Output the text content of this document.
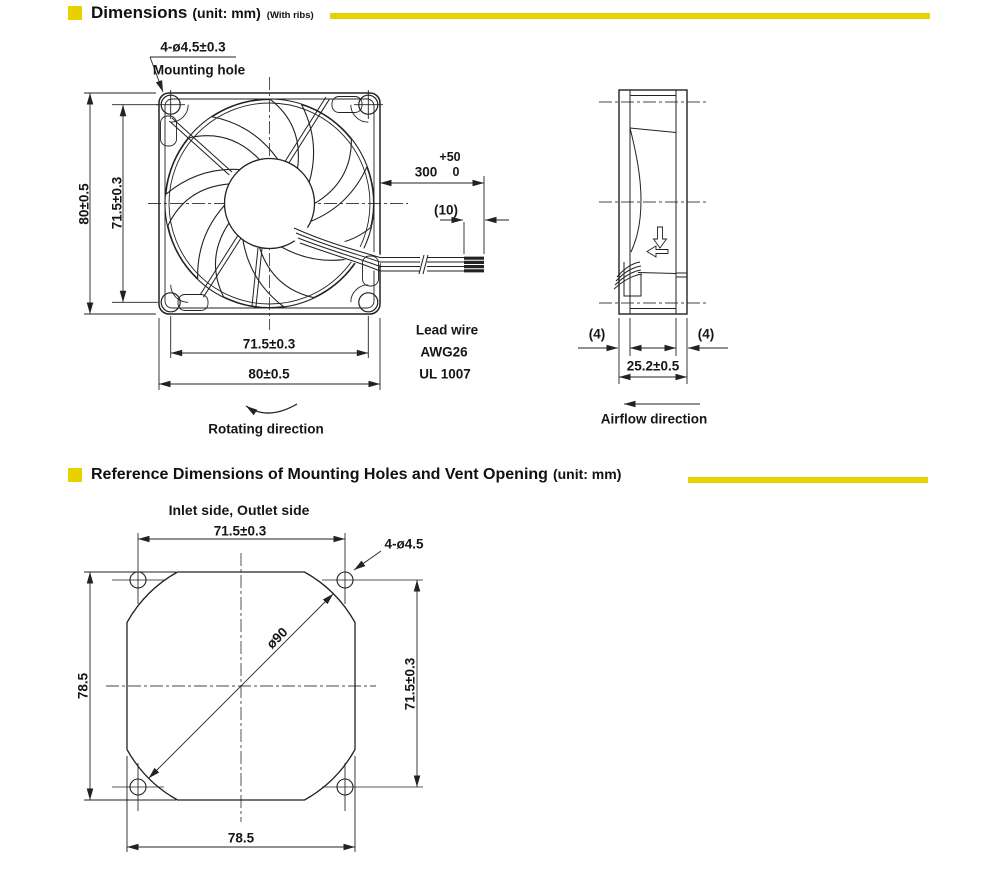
Dimensions (unit: mm) (With ribs)
Reference Dimensions of Mounting Holes and Vent Opening (unit: mm)
4-ø4.5±0.3
Mounting hole
80±0.5 71.5±0.3
300
+50
0
(10)
Lead wire
AWG26
UL 1007
71.5±0.3
80±0.5
Rotating direction
(4)	(4)
25.2±0.5
Airflow direction
Inlet side, Outlet side
71.5±0.3
4-ø4.5
ø90
78.5	71.5±0.3
78.5
